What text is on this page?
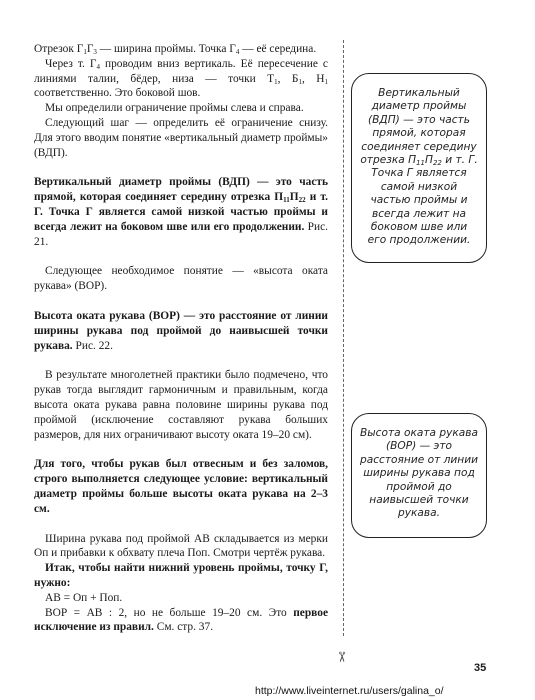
Отрезок $Г_1Г_3$ — ширина проймы. Точка $Г_4$ — её середина.

Через т. $Г_4$ проводим вниз вертикаль. Её пересечение с линиями талии, бёдер, низа — точки $Т_1$, $Б_1$, $Н_1$ соответственно. Это боковой шов.

Мы определили ограничение проймы слева и справа.

Следующий шаг — определить её ограничение снизу. Для этого вводим понятие «вертикальный диаметр проймы» (ВДП).

Вертикальный диаметр проймы (ВДП) — это часть прямой, которая соединяет середину отрезка $П_{11}П_{22}$ и т. Г. Точка Г является самой низкой частью проймы и всегда лежит на боковом шве или его продолжении. Рис. 21.

Следующее необходимое понятие — «высота оката рукава» (ВОР).

Высота оката рукава (ВОР) — это расстояние от линии ширины рукава под проймой до наивысшей точки рукава. Рис. 22.

В результате многолетней практики было подмечено, что рукав тогда выглядит гармоничным и правильным, когда высота оката рукава равна половине ширины рукава под проймой (исключение составляют рукава больших размеров, для них ограничивают высоту оката 19–20 см).

Для того, чтобы рукав был отвесным и без заломов, строго выполняется следующее условие: вертикальный диаметр проймы больше высоты оката рукава на 2–3 см.

Ширина рукава под проймой АВ складывается из мерки Оп и прибавки к обхвату плеча Поп. Смотри чертёж рукава.

Итак, чтобы найти нижний уровень проймы, точку Г, нужно:

АВ = Оп + Поп.

ВОР = АВ : 2, но не больше 19–20 см. Это первое исключение из правил. См. стр. 37.

✂
Вертикальный диаметр проймы (ВДП) — это часть прямой, которая соединяет середину отрезка $П_{11}П_{22}$ и т. Г. Точка Г является самой низкой частью проймы и всегда лежит на боковом шве или его продолжении.
Высота оката рукава (ВОР) — это расстояние от линии ширины рукава под проймой до наивысшей точки рукава.
35
http://www.liveinternet.ru/users/galina_o/
